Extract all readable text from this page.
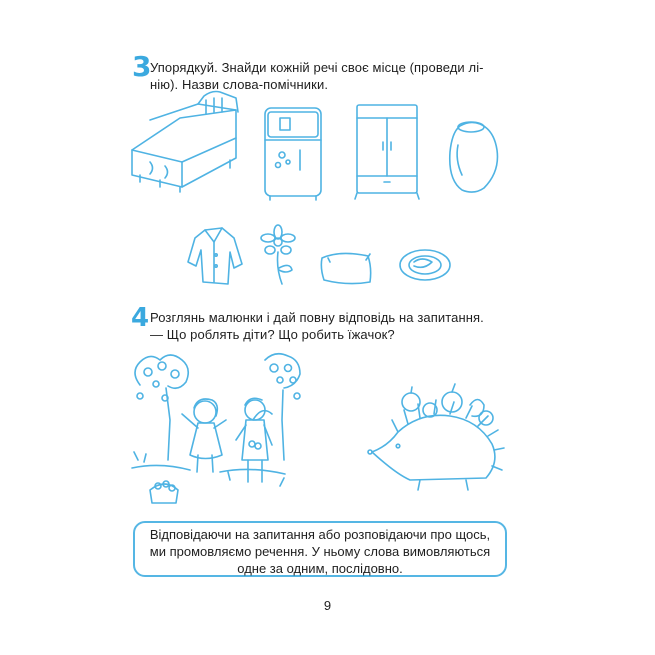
3
Упорядкуй. Знайди кожній речі своє місце (проведи лі-
нію). Назви слова-помічники.
4 Розглянь малюнки і дай повну відповідь на запитання.
— Що роблять діти? Що робить їжачок?
Відповідаючи на запитання або розповідаючи про щось,
ми промовляємо речення. У ньому слова вимовляються
одне за одним, послідовно.
9
